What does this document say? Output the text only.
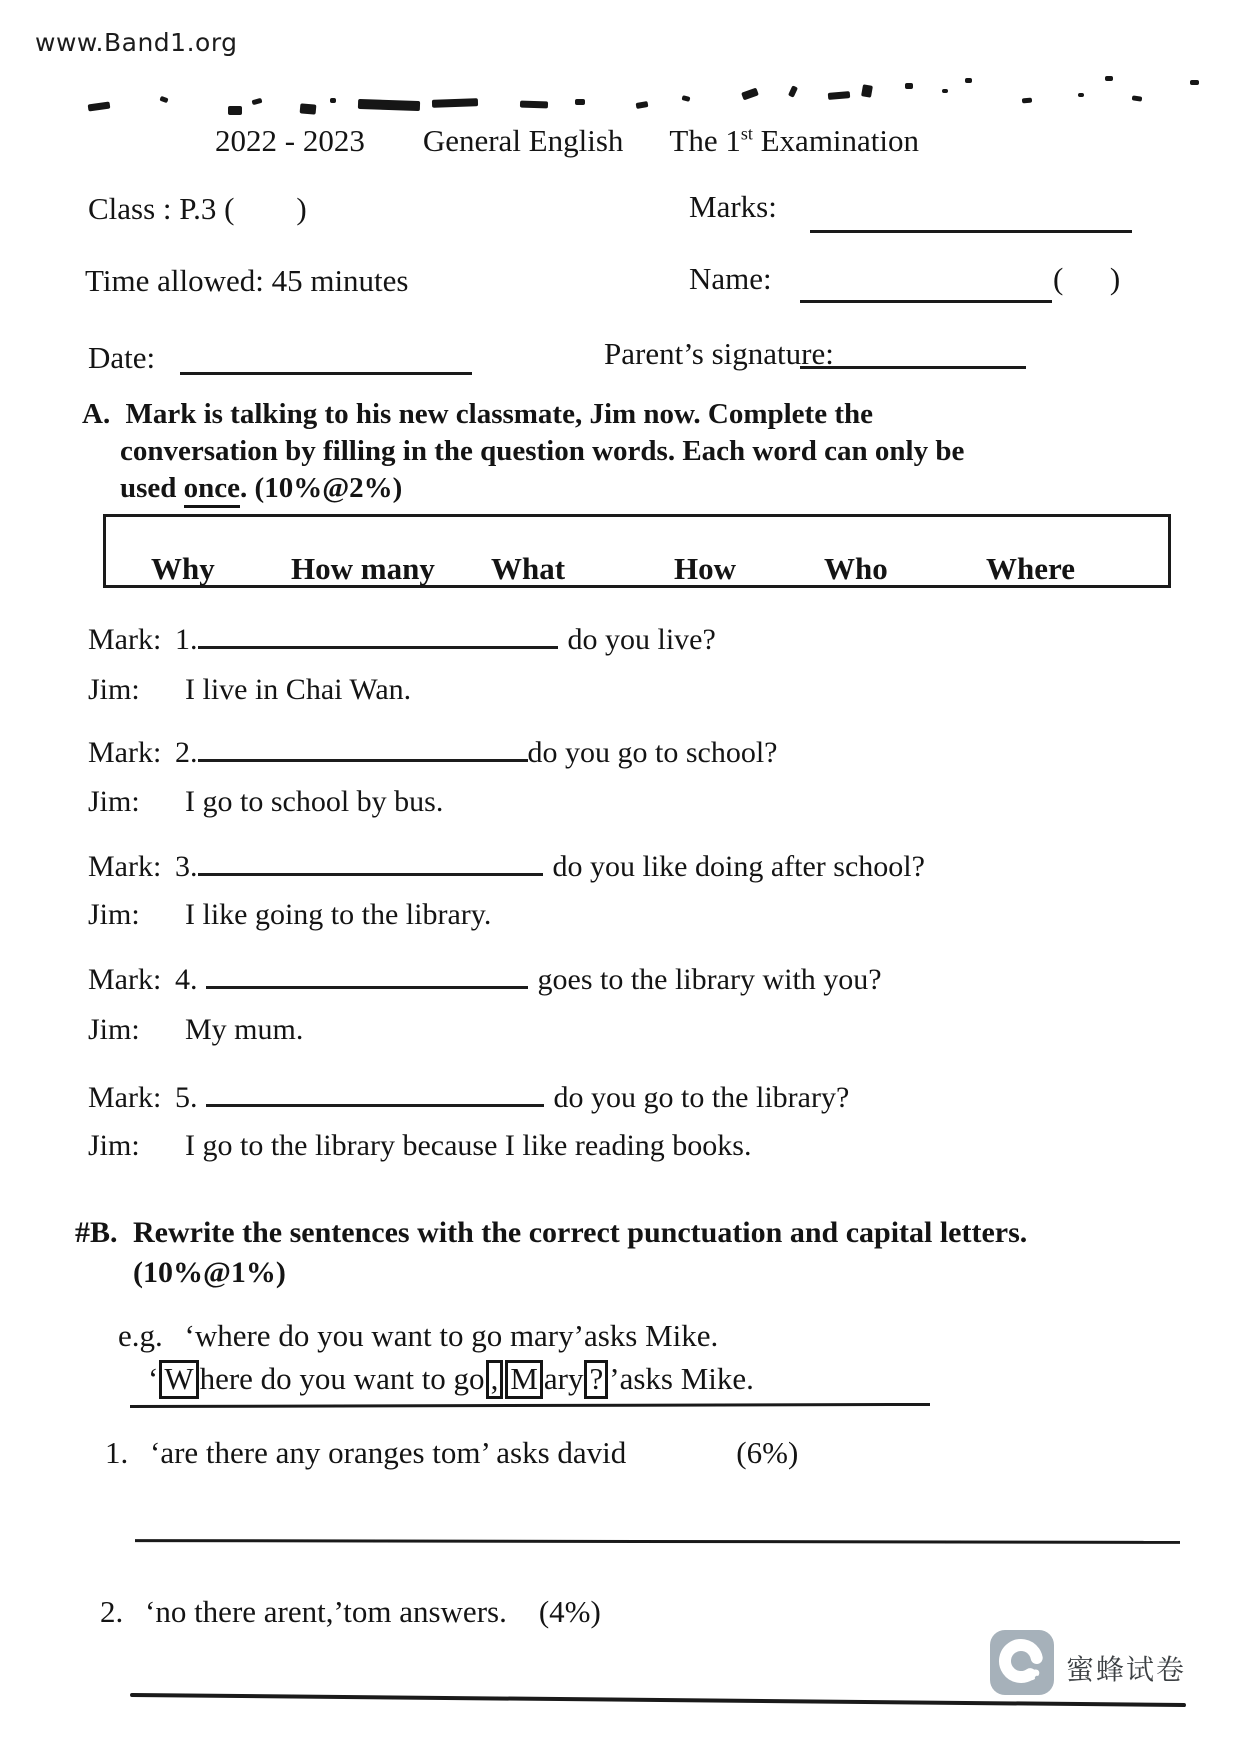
www.Band1.org
2022 - 2023 General English The 1st Examination
Class : P.3 (        )	Marks:
Time allowed: 45 minutes	Name:	(      )
Date:	Parent’s signature:
A. Mark is talking to his new classmate, Jim now. Complete the
conversation by filling in the question words. Each word can only be
used once. (10%@2%)
Why How many What	How	Who	Where
Mark: 1.	do you live?
Jim: I live in Chai Wan.
Mark: 2.	do you go to school?
Jim: I go to school by bus.
Mark: 3.	do you like doing after school?
Jim: I like going to the library.
Mark: 4.	goes to the library with you?
Jim: My mum.
Mark: 5.	do you go to the library?
Jim: I go to the library because I like reading books.
#B. Rewrite the sentences with the correct punctuation and capital letters.
(10%@1%)
e.g. ‘where do you want to go mary’asks Mike.
‘ W here do you want to go , M ary ? ’asks Mike.
1. ‘are there any oranges tom’ asks david	(6%)
2. ‘no there arent,’tom answers. (4%)
蜜蜂试卷
